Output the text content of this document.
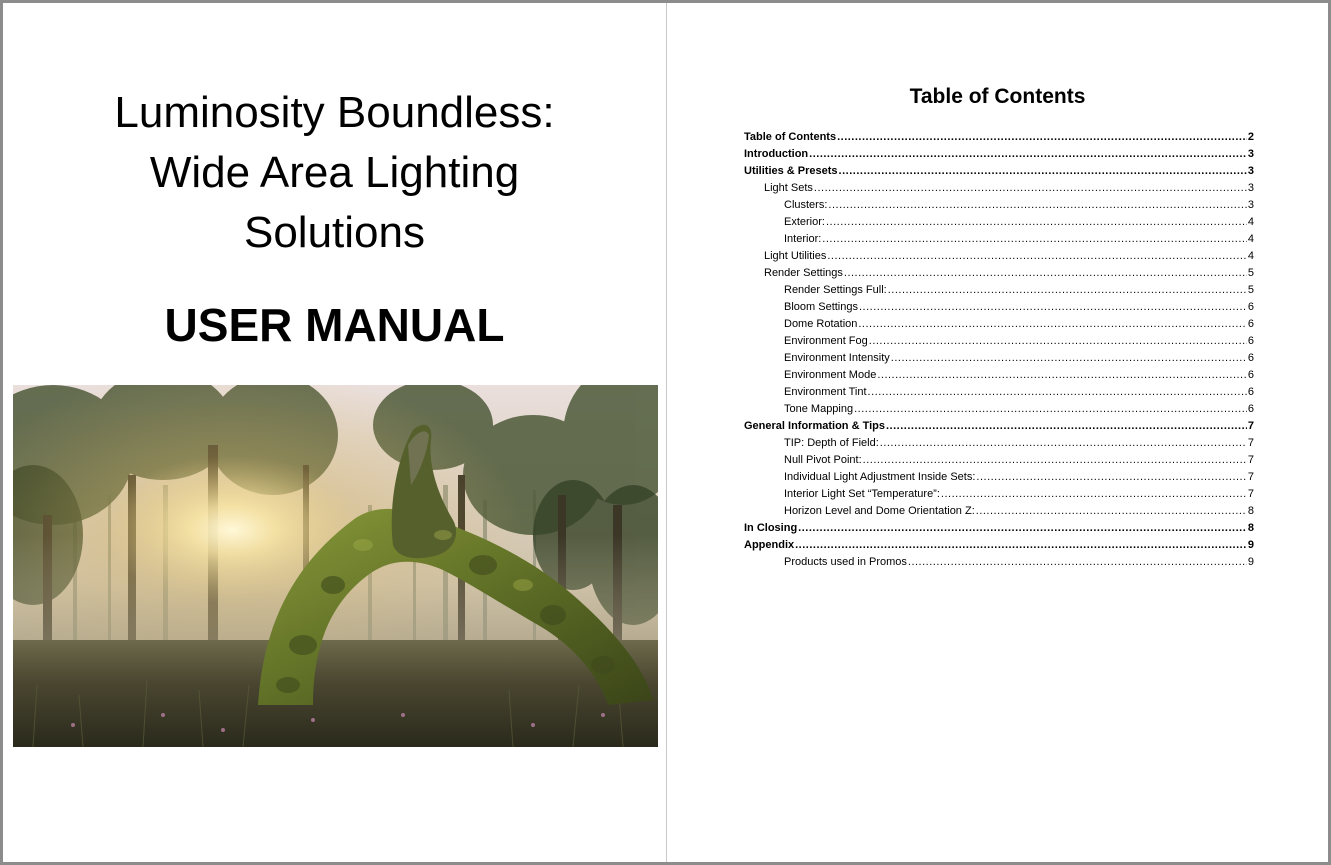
Luminosity Boundless:
Wide Area Lighting
Solutions
USER MANUAL
Table of Contents
Table of Contents .....	2
Introduction .....	3
Utilities & Presets .....	3
Light Sets .....	3
Clusters: .....	3
Exterior: .....	4
Interior: .....	4
Light Utilities .....	4
Render Settings .....	5
Render Settings Full: .....	5
Bloom Settings .....	6
Dome Rotation .....	6
Environment Fog .....	6
Environment Intensity .....	6
Environment Mode .....	6
Environment Tint .....	6
Tone Mapping .....	6
General Information & Tips .....	7
TIP: Depth of Field: .....	7
Null Pivot Point: .....	7
Individual Light Adjustment Inside Sets: .....	7
Interior Light Set “Temperature”: .....	7
Horizon Level and Dome Orientation Z: .....	8
In Closing .....	8
Appendix .....	9
Products used in Promos .....	9
